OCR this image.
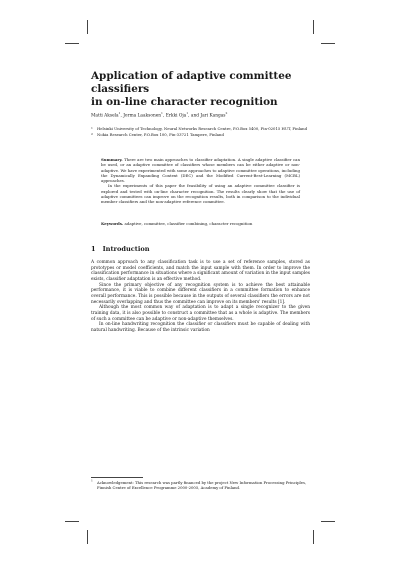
Application of adaptive committee classifiers
in on-line character recognition
Matti Aksela$^1$, Jorma Laaksonen$^1$, Erkki Oja$^1$, and Jari Kangas$^2$
1	Helsinki University of Technology, Neural Networks Research Centre, P.O.Box 5400, Fin-02015 HUT, Finland
2	Nokia Research Center, P.O.Box 100, Fin-33721 Tampere, Finland

Summary. There are two main approaches to classifier adaptation. A single adaptive classifier can be used, or an adaptive committee of classifiers whose members can be either adaptive or non-adaptive. We have experimented with some approaches to adaptive committee operations, including the Dynamically Expanding Context (DEC) and the Modified Current-Best-Learning (MCBL) approaches.

In the experiments of this paper the feasibility of using an adaptive committee classifier is explored and tested with on-line character recognition. The results clearly show that the use of adaptive committees can improve on the recognition results, both in comparison to the individual member classifiers and the non-adaptive reference committee.

Keywords. adaptive, committee, classifier combining, character recognition
1 Introduction

A common approach to any classification task is to use a set of reference samples, stored as prototypes or model coefficients, and match the input sample with them. In order to improve the classification performance in situations where a significant amount of variation in the input samples exists, classifier adaptation is an effective method.

Since the primary objective of any recognition system is to achieve the best attainable performance, it is viable to combine different classifiers in a committee formation to enhance overall performance. This is possible because in the outputs of several classifiers the errors are not necessarily overlapping and thus the committee can improve on its members' results [1].

Although the most common way of adaptation is to adapt a single recognizer to the given training data, it is also possible to construct a committee that as a whole is adaptive. The members of such a committee can be adaptive or non-adaptive themselves.

In on-line handwriting recognition the classifier or classifiers must be capable of dealing with natural handwriting. Because of the intrinsic variation

$^1$	Acknowledgement: This research was partly financed by the project New Information Processing Principles, Finnish Centre of Excellence Programme 2000-2005, Academy of Finland.
